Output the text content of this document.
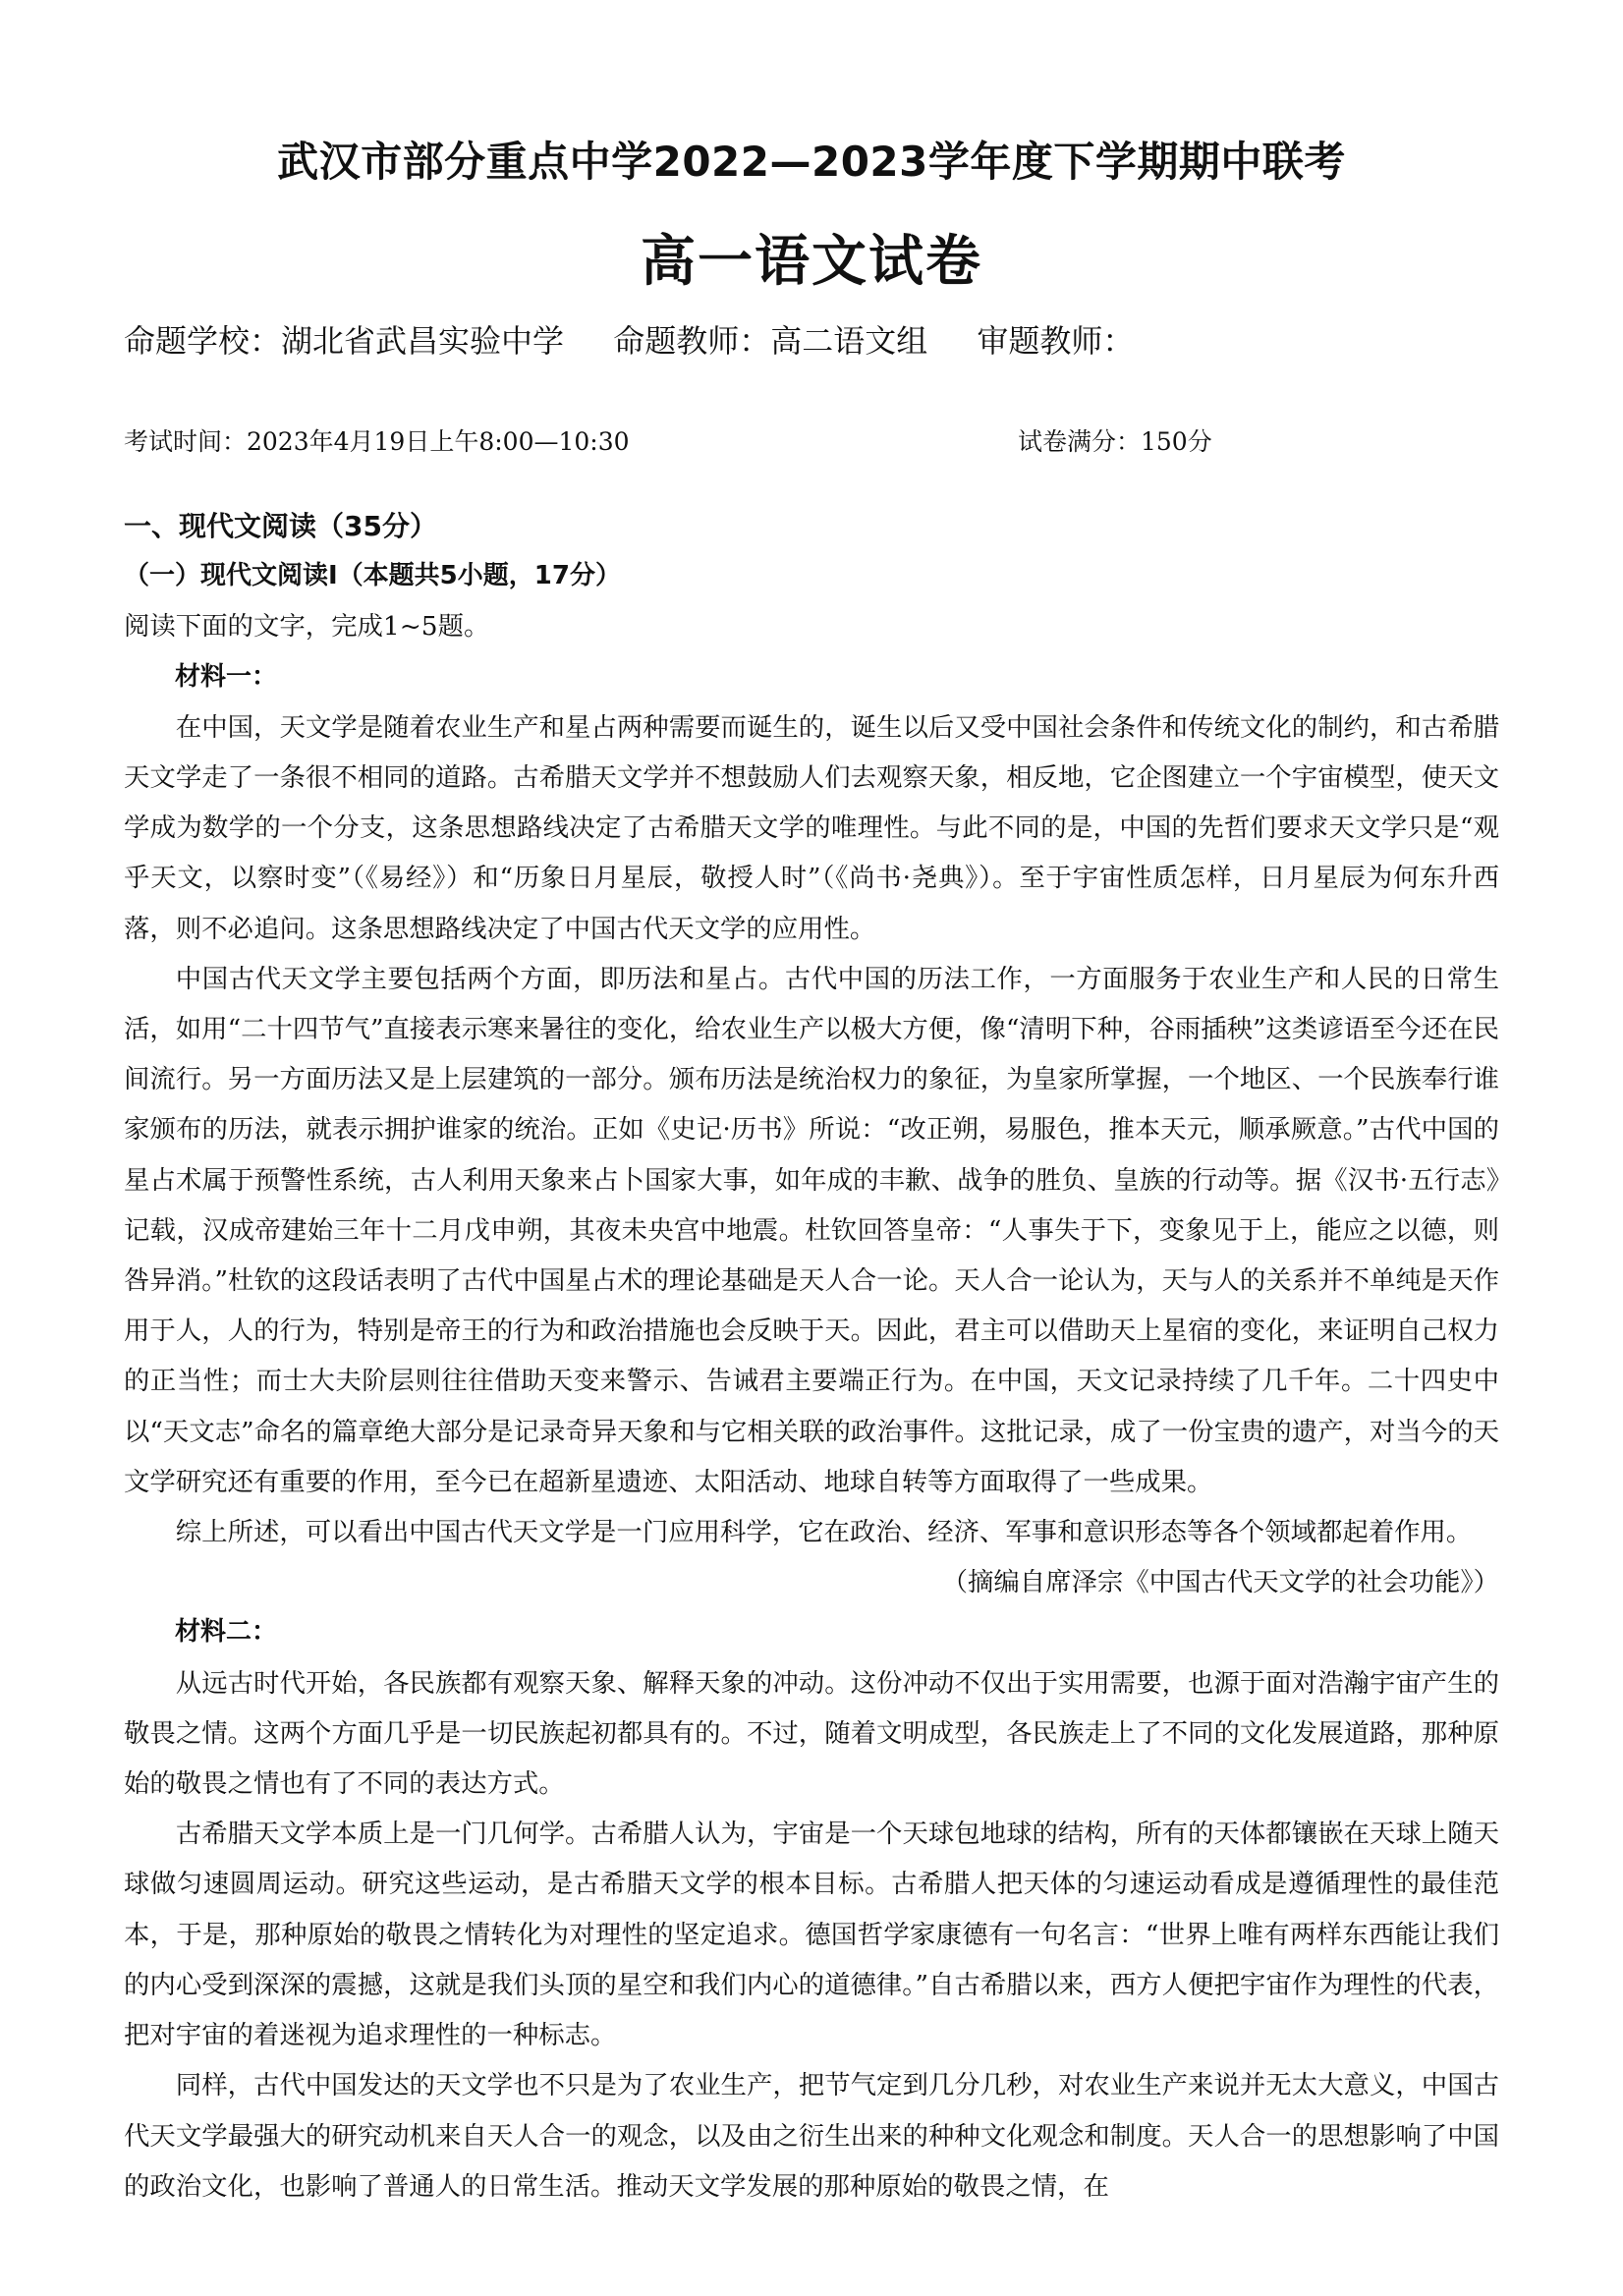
武汉市部分重点中学2022—2023学年度下学期期中联考
高一语文试卷
命题学校：湖北省武昌实验中学 命题教师：高二语文组 审题教师：
考试时间：2023年4月19日上午8:00—10:30	试卷满分：150分

一、现代文阅读（35分）

（一）现代文阅读Ⅰ（本题共5小题，17分）

阅读下面的文字，完成1~5题。

材料一：

在中国，天文学是随着农业生产和星占两种需要而诞生的，诞生以后又受中国社会条件和传统文化的制约，和古希腊天文学走了一条很不相同的道路。古希腊天文学并不想鼓励人们去观察天象，相反地，它企图建立一个宇宙模型，使天文学成为数学的一个分支，这条思想路线决定了古希腊天文学的唯理性。与此不同的是，中国的先哲们要求天文学只是“观乎天文，以察时变”（《易经》）和“历象日月星辰，敬授人时”（《尚书·尧典》）。至于宇宙性质怎样，日月星辰为何东升西落，则不必追问。这条思想路线决定了中国古代天文学的应用性。

中国古代天文学主要包括两个方面，即历法和星占。古代中国的历法工作，一方面服务于农业生产和人民的日常生活，如用“二十四节气”直接表示寒来暑往的变化，给农业生产以极大方便，像“清明下种，谷雨插秧”这类谚语至今还在民间流行。另一方面历法又是上层建筑的一部分。颁布历法是统治权力的象征，为皇家所掌握，一个地区、一个民族奉行谁家颁布的历法，就表示拥护谁家的统治。正如《史记·历书》所说：“改正朔，易服色，推本天元，顺承厥意。”古代中国的星占术属于预警性系统，古人利用天象来占卜国家大事，如年成的丰歉、战争的胜负、皇族的行动等。据《汉书·五行志》记载，汉成帝建始三年十二月戊申朔，其夜未央宫中地震。杜钦回答皇帝：“人事失于下，变象见于上，能应之以德，则咎异消。”杜钦的这段话表明了古代中国星占术的理论基础是天人合一论。天人合一论认为，天与人的关系并不单纯是天作用于人，人的行为，特别是帝王的行为和政治措施也会反映于天。因此，君主可以借助天上星宿的变化，来证明自己权力的正当性；而士大夫阶层则往往借助天变来警示、告诫君主要端正行为。在中国，天文记录持续了几千年。二十四史中以“天文志”命名的篇章绝大部分是记录奇异天象和与它相关联的政治事件。这批记录，成了一份宝贵的遗产，对当今的天文学研究还有重要的作用，至今已在超新星遗迹、太阳活动、地球自转等方面取得了一些成果。

综上所述，可以看出中国古代天文学是一门应用科学，它在政治、经济、军事和意识形态等各个领域都起着作用。

（摘编自席泽宗《中国古代天文学的社会功能》）

材料二：

从远古时代开始，各民族都有观察天象、解释天象的冲动。这份冲动不仅出于实用需要，也源于面对浩瀚宇宙产生的敬畏之情。这两个方面几乎是一切民族起初都具有的。不过，随着文明成型，各民族走上了不同的文化发展道路，那种原始的敬畏之情也有了不同的表达方式。

古希腊天文学本质上是一门几何学。古希腊人认为，宇宙是一个天球包地球的结构，所有的天体都镶嵌在天球上随天球做匀速圆周运动。研究这些运动，是古希腊天文学的根本目标。古希腊人把天体的匀速运动看成是遵循理性的最佳范本，于是，那种原始的敬畏之情转化为对理性的坚定追求。德国哲学家康德有一句名言：“世界上唯有两样东西能让我们的内心受到深深的震撼，这就是我们头顶的星空和我们内心的道德律。”自古希腊以来，西方人便把宇宙作为理性的代表，把对宇宙的着迷视为追求理性的一种标志。

同样，古代中国发达的天文学也不只是为了农业生产，把节气定到几分几秒，对农业生产来说并无太大意义，中国古代天文学最强大的研究动机来自天人合一的观念，以及由之衍生出来的种种文化观念和制度。天人合一的思想影响了中国的政治文化，也影响了普通人的日常生活。推动天文学发展的那种原始的敬畏之情，在
